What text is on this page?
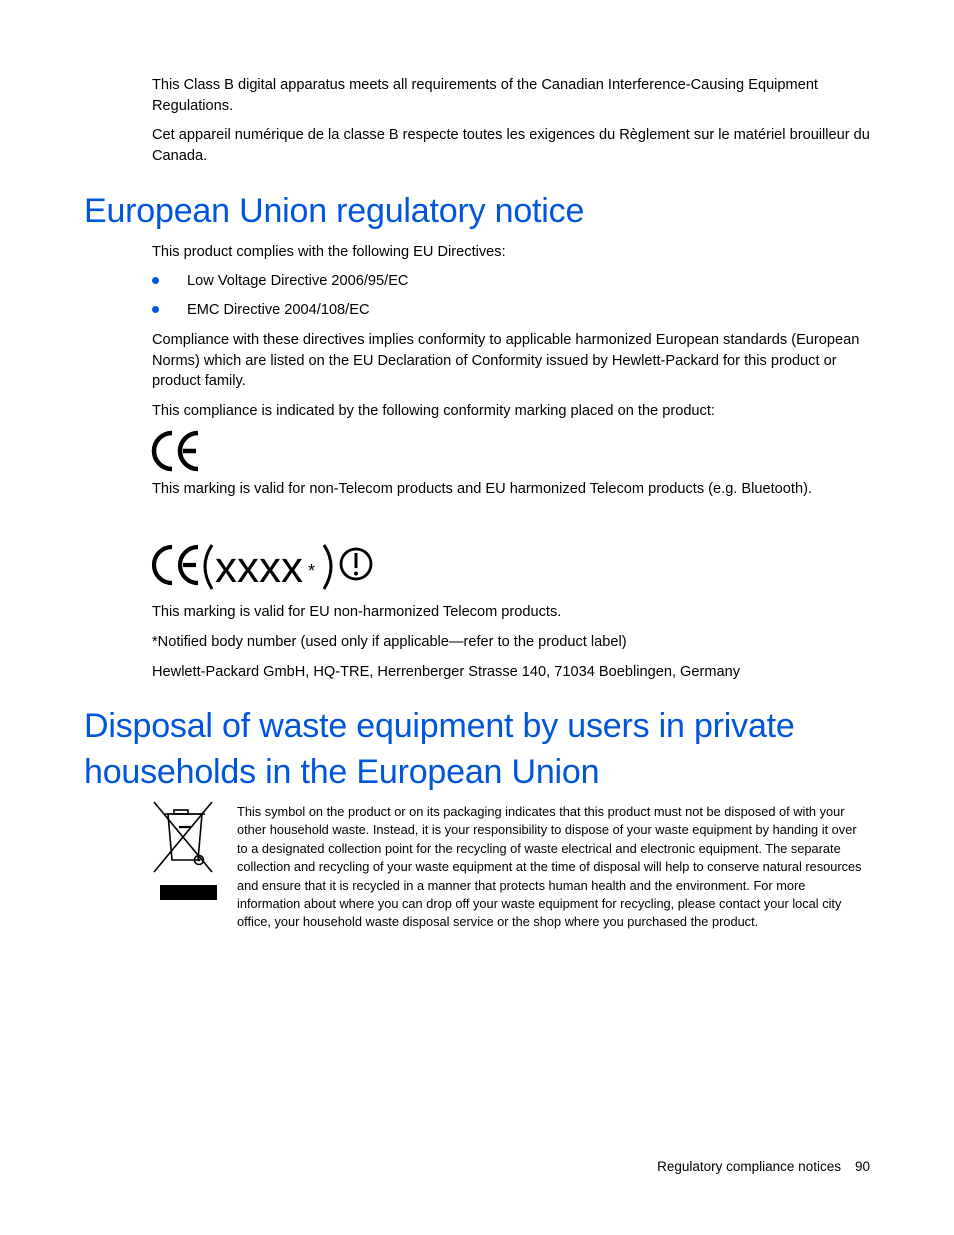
This Class B digital apparatus meets all requirements of the Canadian Interference-Causing Equipment Regulations.

Cet appareil numérique de la classe B respecte toutes les exigences du Règlement sur le matériel brouilleur du Canada.

European Union regulatory notice

This product complies with the following EU Directives:

Low Voltage Directive 2006/95/EC
EMC Directive 2004/108/EC

Compliance with these directives implies conformity to applicable harmonized European standards (European Norms) which are listed on the EU Declaration of Conformity issued by Hewlett-Packard for this product or product family.

This compliance is indicated by the following conformity marking placed on the product:

This marking is valid for non-Telecom products and EU harmonized Telecom products (e.g. Bluetooth).

xxxx *

This marking is valid for EU non-harmonized Telecom products.

*Notified body number (used only if applicable—refer to the product label)

Hewlett-Packard GmbH, HQ-TRE, Herrenberger Strasse 140, 71034 Boeblingen, Germany

Disposal of waste equipment by users in private
households in the European Union

This symbol on the product or on its packaging indicates that this product must not be disposed of with your other household waste. Instead, it is your responsibility to dispose of your waste equipment by handing it over to a designated collection point for the recycling of waste electrical and electronic equipment. The separate collection and recycling of your waste equipment at the time of disposal will help to conserve natural resources and ensure that it is recycled in a manner that protects human health and the environment. For more information about where you can drop off your waste equipment for recycling, please contact your local city office, your household waste disposal service or the shop where you purchased the product.

Regulatory compliance notices 90
